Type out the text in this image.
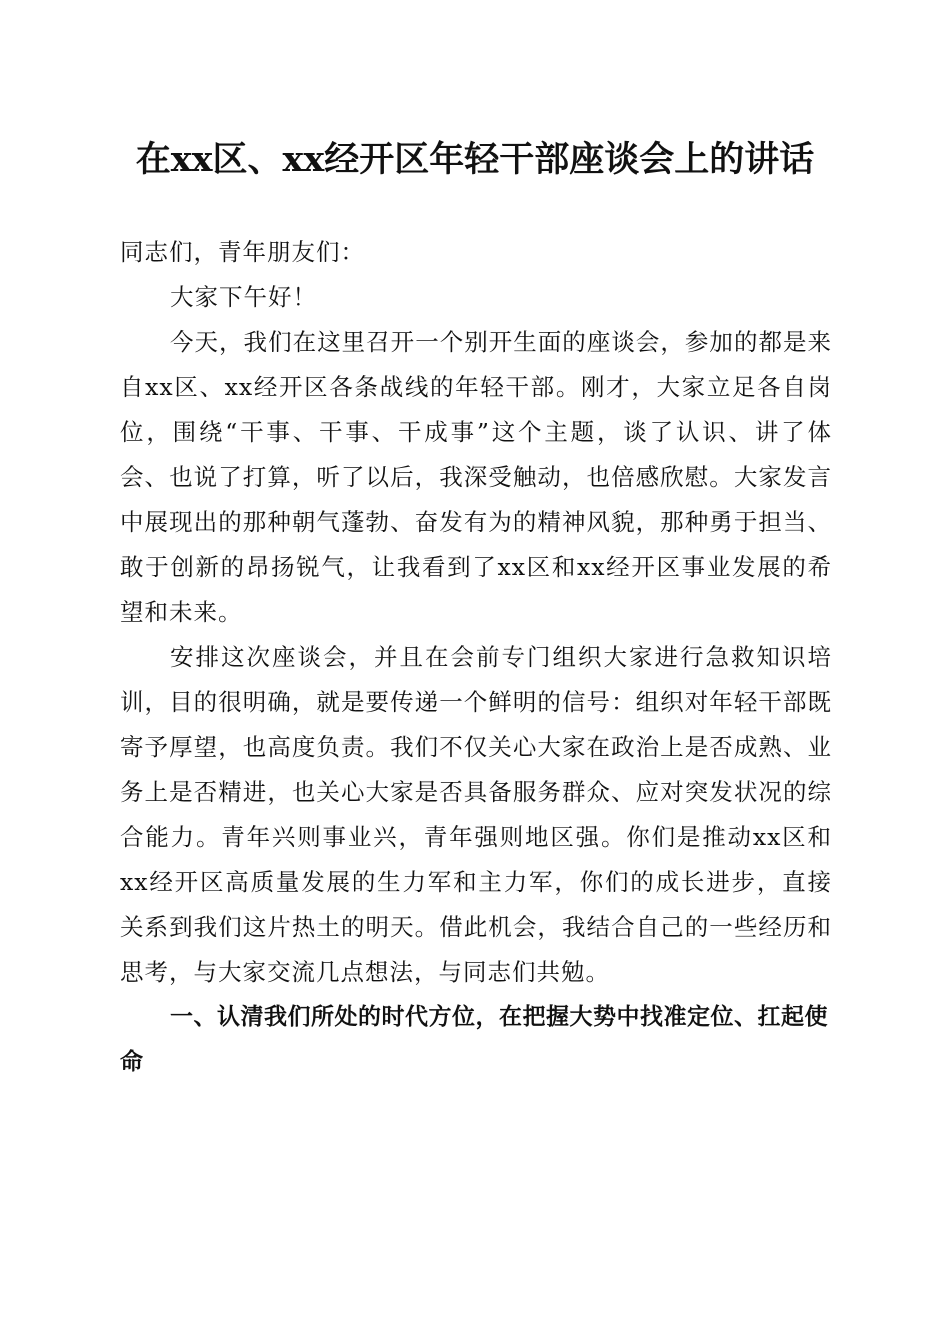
在xx区、xx经开区年轻干部座谈会上的讲话

同志们，青年朋友们：

大家下午好！

今天，我们在这里召开一个别开生面的座谈会，参加的都是来自xx区、xx经开区各条战线的年轻干部。刚才，大家立足各自岗位，围绕“干事、干事、干成事”这个主题，谈了认识、讲了体会、也说了打算，听了以后，我深受触动，也倍感欣慰。大家发言中展现出的那种朝气蓬勃、奋发有为的精神风貌，那种勇于担当、敢于创新的昂扬锐气，让我看到了xx区和xx经开区事业发展的希望和未来。

安排这次座谈会，并且在会前专门组织大家进行急救知识培训，目的很明确，就是要传递一个鲜明的信号：组织对年轻干部既寄予厚望，也高度负责。我们不仅关心大家在政治上是否成熟、业务上是否精进，也关心大家是否具备服务群众、应对突发状况的综合能力。青年兴则事业兴，青年强则地区强。你们是推动xx区和xx经开区高质量发展的生力军和主力军，你们的成长进步，直接关系到我们这片热土的明天。借此机会，我结合自己的一些经历和思考，与大家交流几点想法，与同志们共勉。

一、认清我们所处的时代方位，在把握大势中找准定位、扛起使命
